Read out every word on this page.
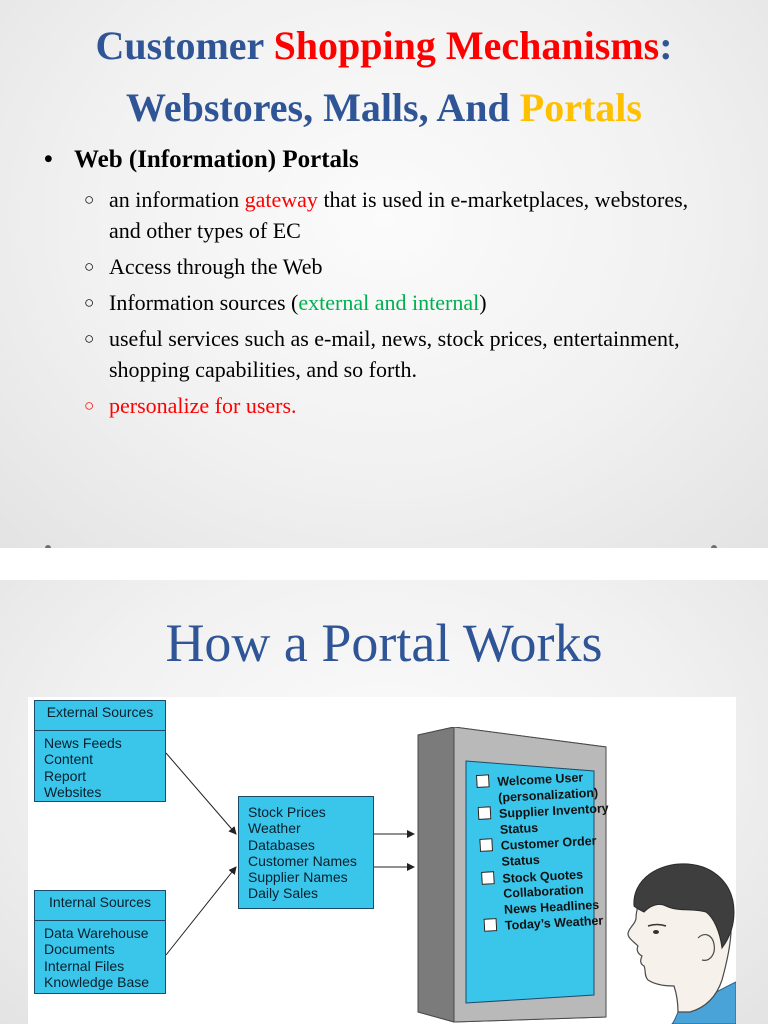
Customer Shopping Mechanisms:
Webstores, Malls, And Portals
• Web (Information) Portals
○ an information gateway that is used in e-marketplaces, webstores, and other types of EC
○ Access through the Web
○ Information sources (external and internal)
○ useful services such as e-mail, news, stock prices, entertainment, shopping capabilities, and so forth.
○ personalize for users.
How a Portal Works
External Sources
News Feeds
Content
Report
Websites
Internal Sources
Data Warehouse
Documents
Internal Files
Knowledge Base
Stock Prices
Weather
Databases
Customer Names
Supplier Names
Daily Sales
Welcome User
(personalization)
Supplier Inventory
Status
Customer Order
Status
Stock Quotes
Collaboration
News Headlines
Today’s Weather
